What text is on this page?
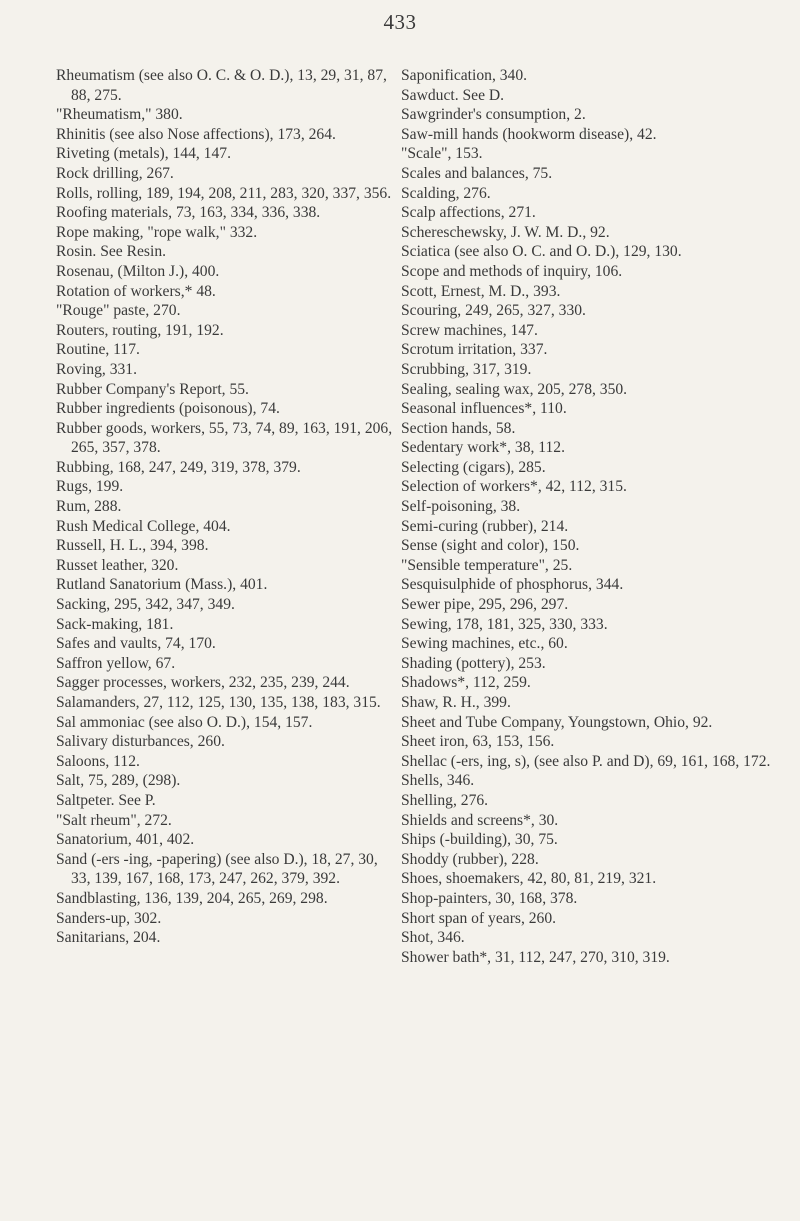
433

Rheumatism (see also O. C. & O. D.), 13, 29, 31, 87, 88, 275.

"Rheumatism," 380.

Rhinitis (see also Nose affections), 173, 264.

Riveting (metals), 144, 147.

Rock drilling, 267.

Rolls, rolling, 189, 194, 208, 211, 283, 320, 337, 356.

Roofing materials, 73, 163, 334, 336, 338.

Rope making, "rope walk," 332.

Rosin. See Resin.

Rosenau, (Milton J.), 400.

Rotation of workers,* 48.

"Rouge" paste, 270.

Routers, routing, 191, 192.

Routine, 117.

Roving, 331.

Rubber Company's Report, 55.

Rubber ingredients (poisonous), 74.

Rubber goods, workers, 55, 73, 74, 89, 163, 191, 206, 265, 357, 378.

Rubbing, 168, 247, 249, 319, 378, 379.

Rugs, 199.

Rum, 288.

Rush Medical College, 404.

Russell, H. L., 394, 398.

Russet leather, 320.

Rutland Sanatorium (Mass.), 401.

Sacking, 295, 342, 347, 349.

Sack-making, 181.

Safes and vaults, 74, 170.

Saffron yellow, 67.

Sagger processes, workers, 232, 235, 239, 244.

Salamanders, 27, 112, 125, 130, 135, 138, 183, 315.

Sal ammoniac (see also O. D.), 154, 157.

Salivary disturbances, 260.

Saloons, 112.

Salt, 75, 289, (298).

Saltpeter. See P.

"Salt rheum", 272.

Sanatorium, 401, 402.

Sand (-ers -ing, -papering) (see also D.), 18, 27, 30, 33, 139, 167, 168, 173, 247, 262, 379, 392.

Sandblasting, 136, 139, 204, 265, 269, 298.

Sanders-up, 302.

Sanitarians, 204.

Saponification, 340.

Sawduct. See D.

Sawgrinder's consumption, 2.

Saw-mill hands (hookworm disease), 42.

"Scale", 153.

Scales and balances, 75.

Scalding, 276.

Scalp affections, 271.

Schereschewsky, J. W. M. D., 92.

Sciatica (see also O. C. and O. D.), 129, 130.

Scope and methods of inquiry, 106.

Scott, Ernest, M. D., 393.

Scouring, 249, 265, 327, 330.

Screw machines, 147.

Scrotum irritation, 337.

Scrubbing, 317, 319.

Sealing, sealing wax, 205, 278, 350.

Seasonal influences*, 110.

Section hands, 58.

Sedentary work*, 38, 112.

Selecting (cigars), 285.

Selection of workers*, 42, 112, 315.

Self-poisoning, 38.

Semi-curing (rubber), 214.

Sense (sight and color), 150.

"Sensible temperature", 25.

Sesquisulphide of phosphorus, 344.

Sewer pipe, 295, 296, 297.

Sewing, 178, 181, 325, 330, 333.

Sewing machines, etc., 60.

Shading (pottery), 253.

Shadows*, 112, 259.

Shaw, R. H., 399.

Sheet and Tube Company, Youngstown, Ohio, 92.

Sheet iron, 63, 153, 156.

Shellac (-ers, ing, s), (see also P. and D), 69, 161, 168, 172.

Shells, 346.

Shelling, 276.

Shields and screens*, 30.

Ships (-building), 30, 75.

Shoddy (rubber), 228.

Shoes, shoemakers, 42, 80, 81, 219, 321.

Shop-painters, 30, 168, 378.

Short span of years, 260.

Shot, 346.

Shower bath*, 31, 112, 247, 270, 310, 319.
